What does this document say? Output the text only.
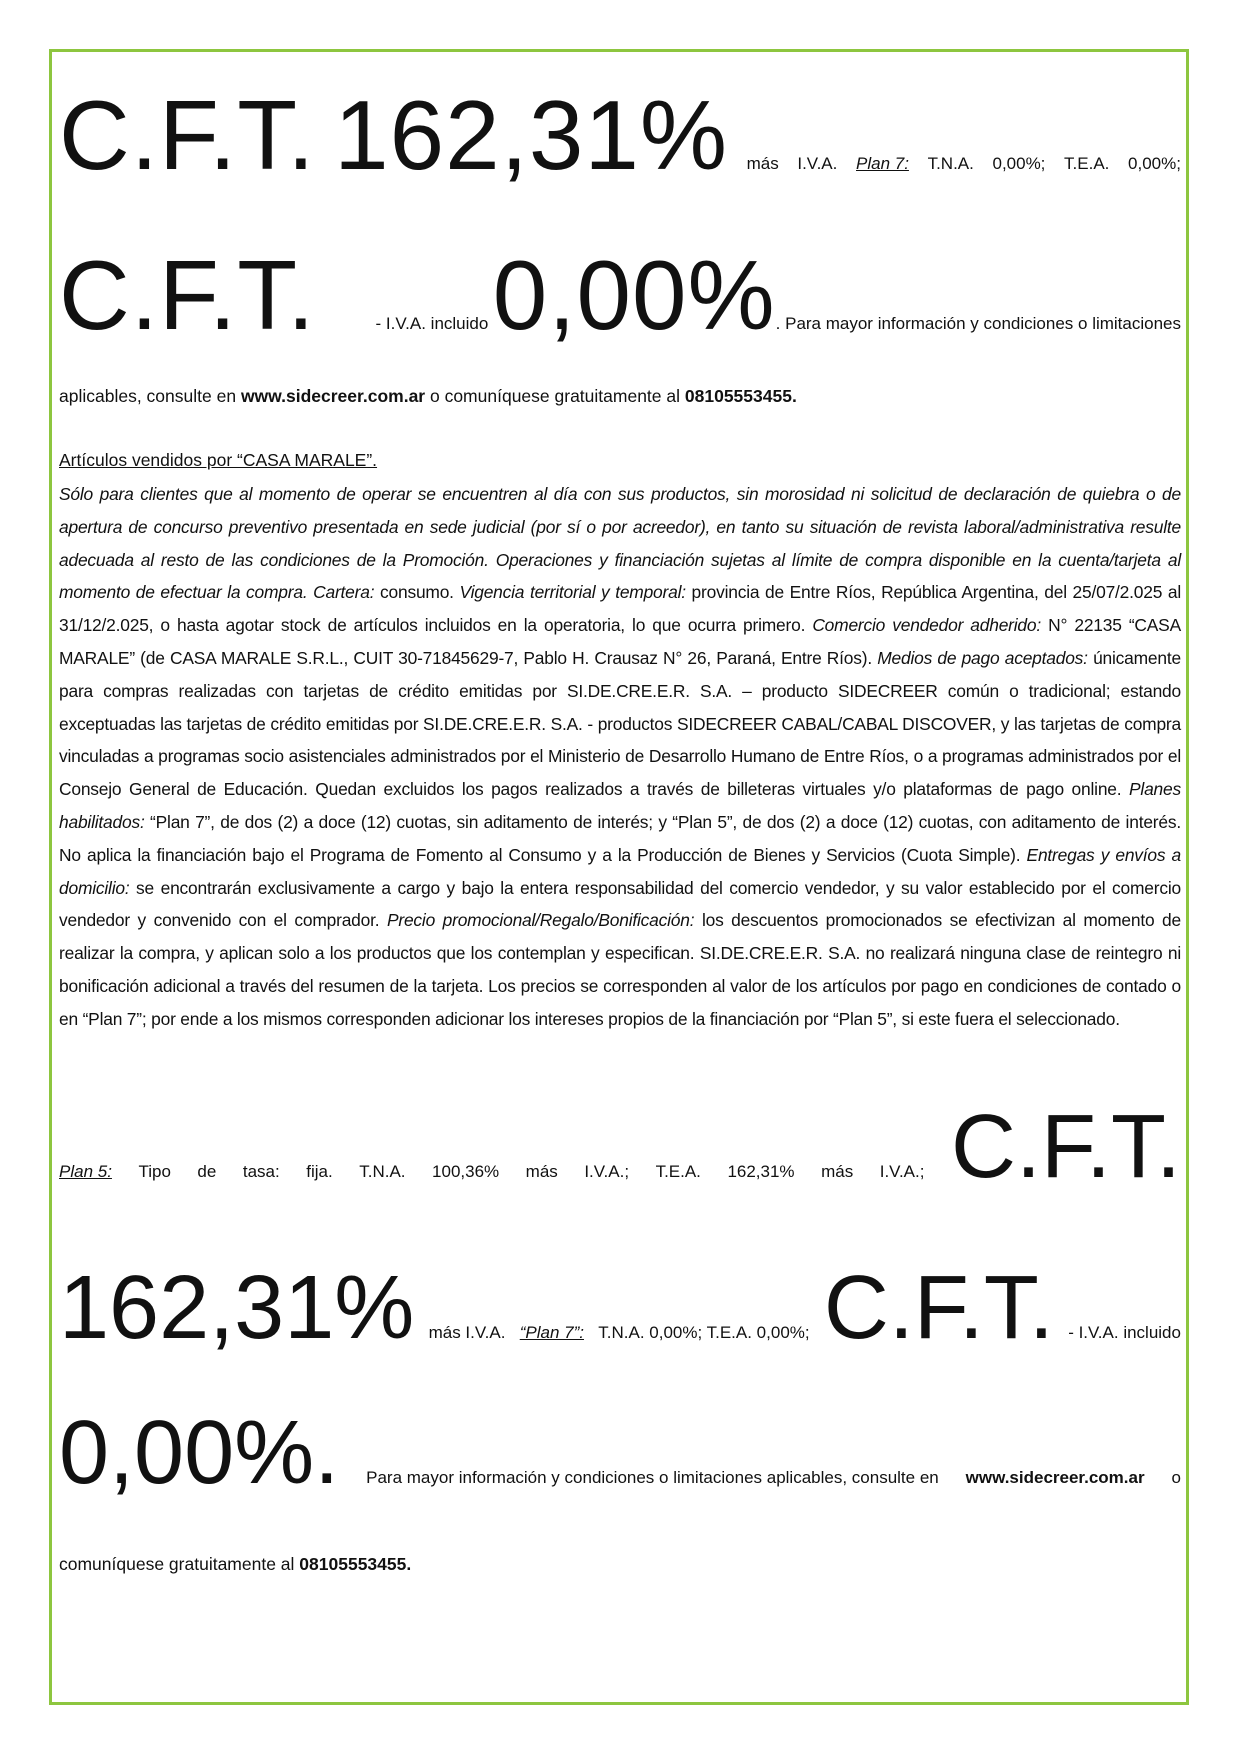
C.F.T. 162,31% más I.V.A. Plan 7: T.N.A. 0,00%; T.E.A. 0,00%;
C.F.T.	- I.V.A. incluido 0,00%. Para mayor información y condiciones o limitaciones
aplicables, consulte en www.sidecreer.com.ar o comuníquese gratuitamente al 08105553455.
Artículos vendidos por “CASA MARALE”.
Sólo para clientes que al momento de operar se encuentren al día con sus productos, sin morosidad ni solicitud de declaración de quiebra o de apertura de concurso preventivo presentada en sede judicial (por sí o por acreedor), en tanto su situación de revista laboral/administrativa resulte adecuada al resto de las condiciones de la Promoción. Operaciones y financiación sujetas al límite de compra disponible en la cuenta/tarjeta al momento de efectuar la compra. Cartera: consumo. Vigencia territorial y temporal: provincia de Entre Ríos, República Argentina, del 25/07/2.025 al 31/12/2.025, o hasta agotar stock de artículos incluidos en la operatoria, lo que ocurra primero. Comercio vendedor adherido: N° 22135 “CASA MARALE” (de CASA MARALE S.R.L., CUIT 30-71845629-7, Pablo H. Crausaz N° 26, Paraná, Entre Ríos). Medios de pago aceptados: únicamente para compras realizadas con tarjetas de crédito emitidas por SI.DE.CRE.E.R. S.A. – producto SIDECREER común o tradicional; estando exceptuadas las tarjetas de crédito emitidas por SI.DE.CRE.E.R. S.A. - productos SIDECREER CABAL/CABAL DISCOVER, y las tarjetas de compra vinculadas a programas socio asistenciales administrados por el Ministerio de Desarrollo Humano de Entre Ríos, o a programas administrados por el Consejo General de Educación. Quedan excluidos los pagos realizados a través de billeteras virtuales y/o plataformas de pago online. Planes habilitados: “Plan 7”, de dos (2) a doce (12) cuotas, sin aditamento de interés; y “Plan 5”, de dos (2) a doce (12) cuotas, con aditamento de interés. No aplica la financiación bajo el Programa de Fomento al Consumo y a la Producción de Bienes y Servicios (Cuota Simple). Entregas y envíos a domicilio: se encontrarán exclusivamente a cargo y bajo la entera responsabilidad del comercio vendedor, y su valor establecido por el comercio vendedor y convenido con el comprador. Precio promocional/Regalo/Bonificación: los descuentos promocionados se efectivizan al momento de realizar la compra, y aplican solo a los productos que los contemplan y especifican. SI.DE.CRE.E.R. S.A. no realizará ninguna clase de reintegro ni bonificación adicional a través del resumen de la tarjeta. Los precios se corresponden al valor de los artículos por pago en condiciones de contado o en “Plan 7”; por ende a los mismos corresponden adicionar los intereses propios de la financiación por “Plan 5”, si este fuera el seleccionado.
Plan 5: Tipo de tasa: fija. T.N.A. 100,36% más I.V.A.; T.E.A. 162,31% más I.V.A.; C.F.T.
162,31% más I.V.A. “Plan 7”: T.N.A. 0,00%; T.E.A. 0,00%; C.F.T. - I.V.A. incluido
0,00%. Para mayor información y condiciones o limitaciones aplicables, consulte en www.sidecreer.com.ar o
comuníquese gratuitamente al 08105553455.
